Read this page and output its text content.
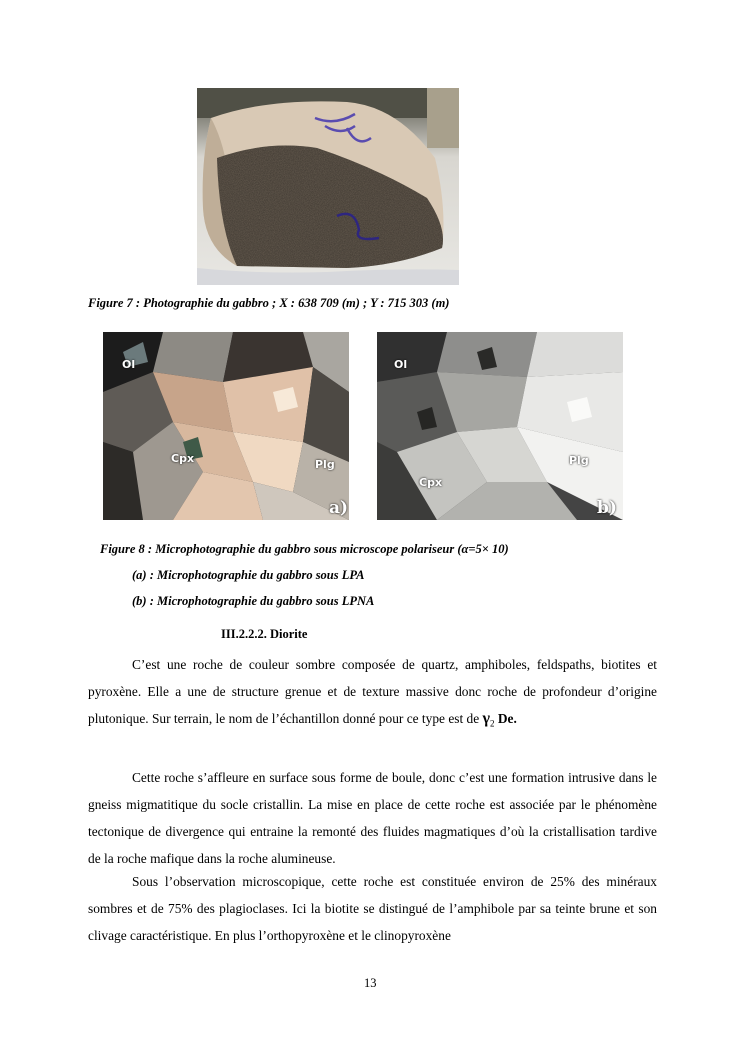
Figure 7 : Photographie du gabbro ; X : 638 709 (m) ; Y : 715 303 (m)
Ol
Cpx	Plg
a)
Ol
Cpx
Plg
b)
Figure 8 : Microphotographie du gabbro sous microscope polariseur (α=5× 10)
(a) : Microphotographie du gabbro sous LPA
(b) : Microphotographie du gabbro sous LPNA
III.2.2.2. Diorite
C’est une roche de couleur sombre composée de quartz, amphiboles, feldspaths, biotites et pyroxène. Elle a une de structure grenue et de texture massive donc roche de profondeur d’origine plutonique. Sur terrain, le nom de l’échantillon donné pour ce type est de $\gamma_2$ De.
Cette roche s’affleure en surface sous forme de boule, donc c’est une formation intrusive dans le gneiss migmatitique du socle cristallin. La mise en place de cette roche est associée par le phénomène tectonique de divergence qui entraine la remonté des fluides magmatiques d’où la cristallisation tardive de la roche mafique dans la roche alumineuse.
Sous l’observation microscopique, cette roche est constituée environ de 25% des minéraux sombres et de 75% des plagioclases. Ici la biotite se distingué de l’amphibole par sa teinte brune et son clivage caractéristique. En plus l’orthopyroxène et le clinopyroxène
13
